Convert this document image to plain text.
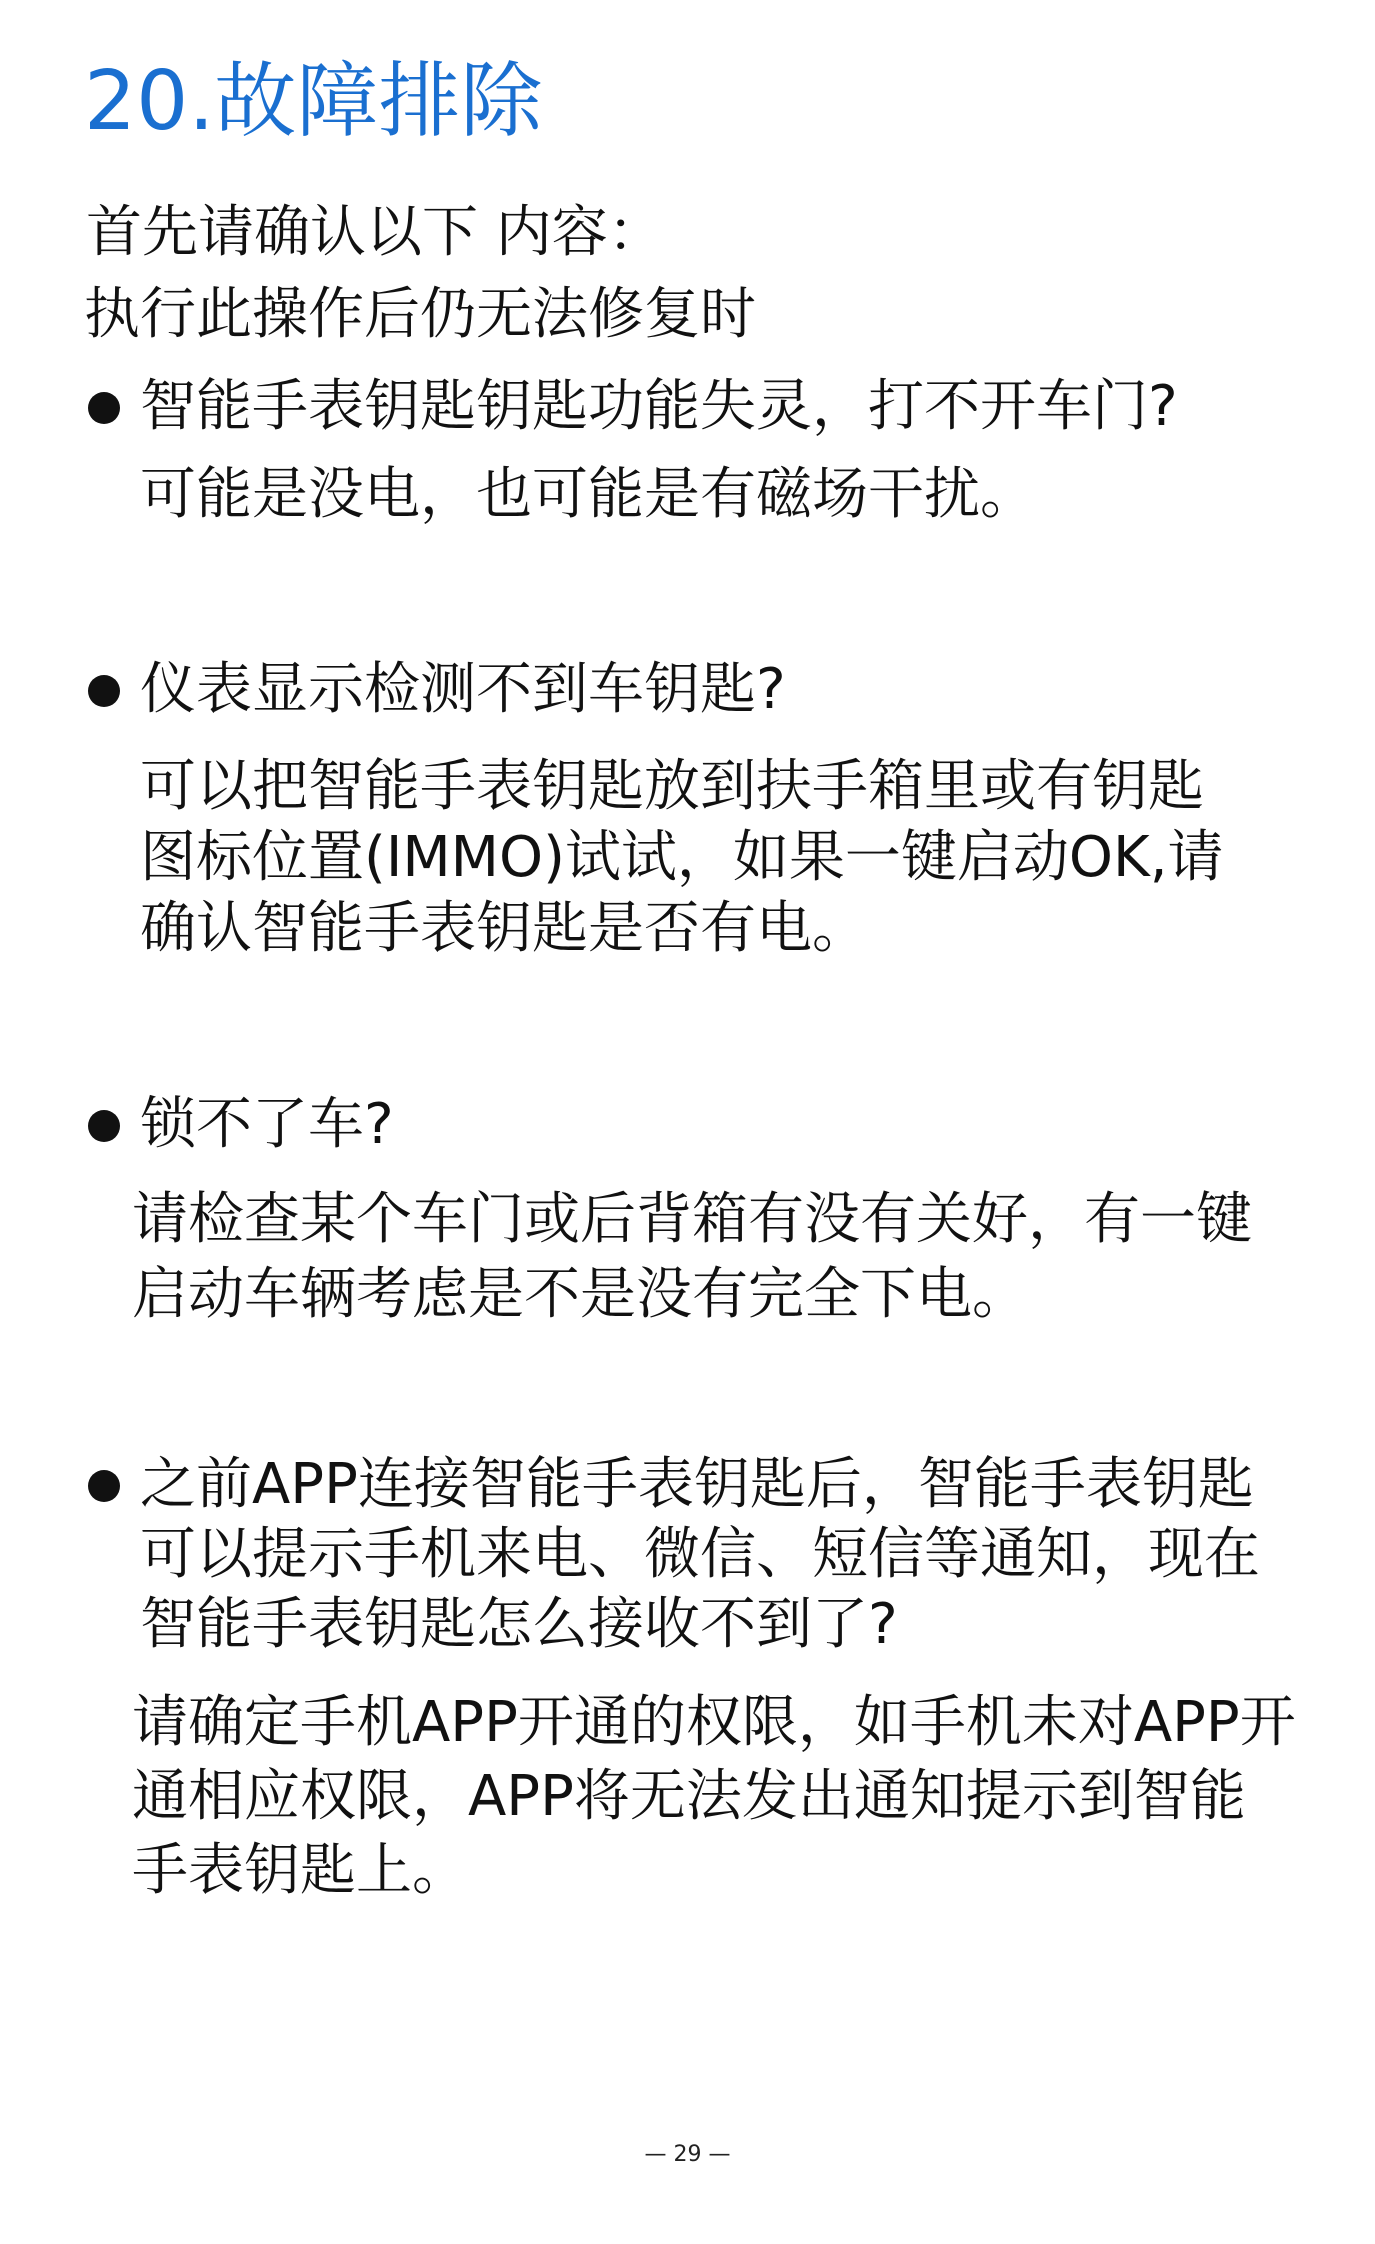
20.故障排除
首先请确认以下 内容：
执行此操作后仍无法修复时
智能手表钥匙钥匙功能失灵，打不开车门?
可能是没电，也可能是有磁场干扰。
仪表显示检测不到车钥匙?
可以把智能手表钥匙放到扶手箱里或有钥匙
图标位置(IMMO)试试，如果一键启动OK,请
确认智能手表钥匙是否有电。
锁不了车?
请检查某个车门或后背箱有没有关好，有一键
启动车辆考虑是不是没有完全下电。
之前APP连接智能手表钥匙后，智能手表钥匙
可以提示手机来电、微信、短信等通知，现在
智能手表钥匙怎么接收不到了?
请确定手机APP开通的权限，如手机未对APP开
通相应权限，APP将无法发出通知提示到智能
手表钥匙上。
— 29 —
